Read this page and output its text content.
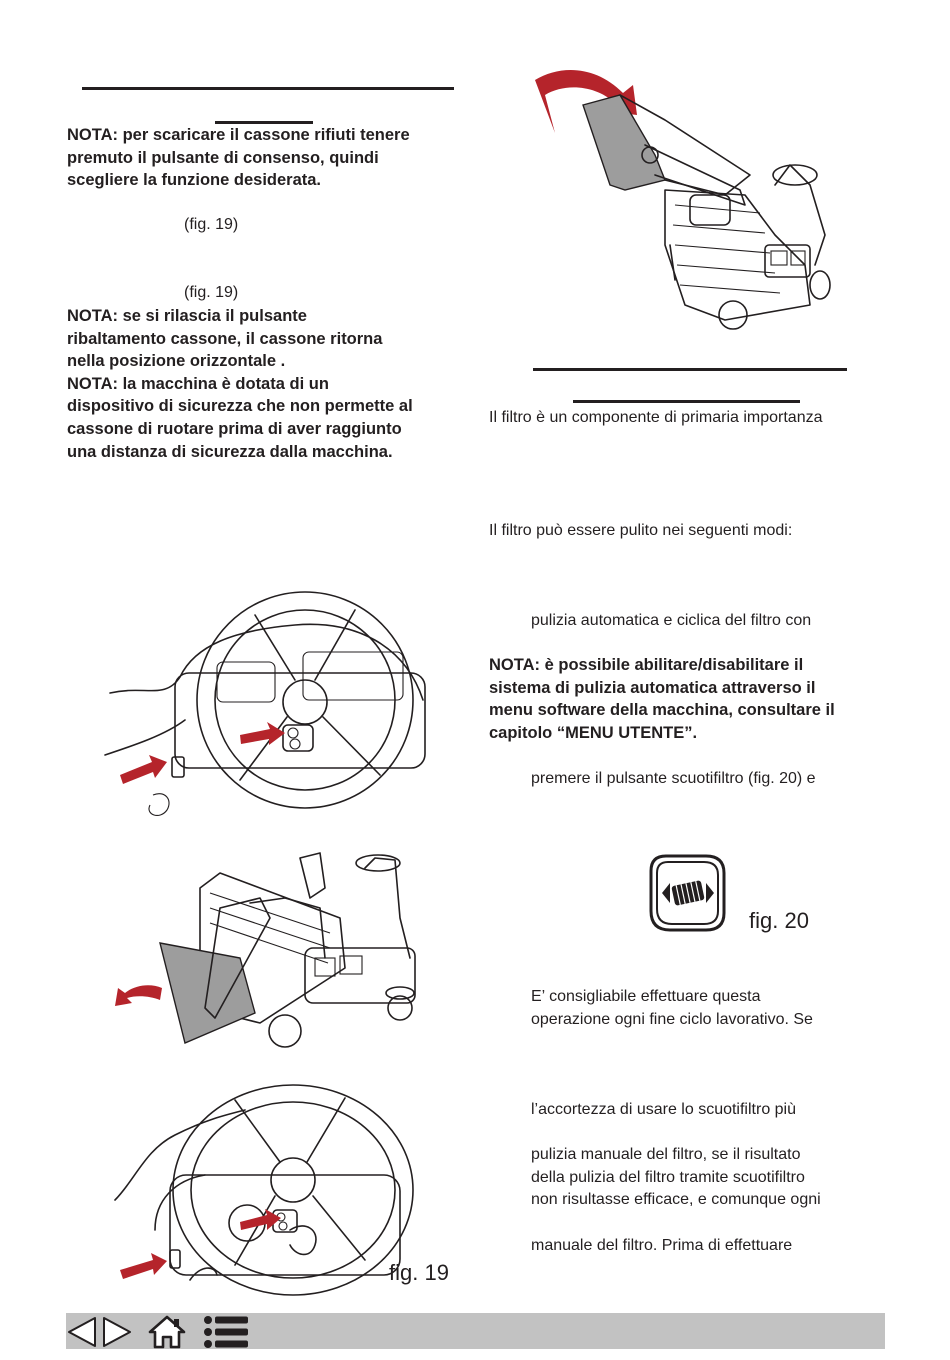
NOTA: per scaricare il cassone rifiuti tenere
premuto il pulsante di consenso, quindi
scegliere la funzione desiderata.
(fig. 19)
(fig. 19)
NOTA: se si rilascia il pulsante
ribaltamento cassone, il cassone ritorna
nella posizione orizzontale .
NOTA: la macchina è dotata di un
dispositivo di sicurezza che non permette al
cassone di ruotare prima di aver raggiunto
una distanza di sicurezza dalla macchina.
fig. 19
Il filtro è un componente di primaria importanza
Il filtro può essere pulito nei seguenti modi:
pulizia automatica e ciclica del filtro con
NOTA: è possibile abilitare/disabilitare il
sistema di pulizia automatica attraverso il
menu software della macchina, consultare il
capitolo “MENU UTENTE”.
premere il pulsante scuotifiltro (fig. 20) e
fig. 20
E’ consigliabile effettuare questa
operazione ogni fine ciclo lavorativo. Se
l’accortezza di usare lo scuotifiltro più
pulizia manuale del filtro, se il risultato
della pulizia del filtro tramite scuotifiltro
non risultasse efficace, e comunque ogni
manuale del filtro. Prima di effettuare
